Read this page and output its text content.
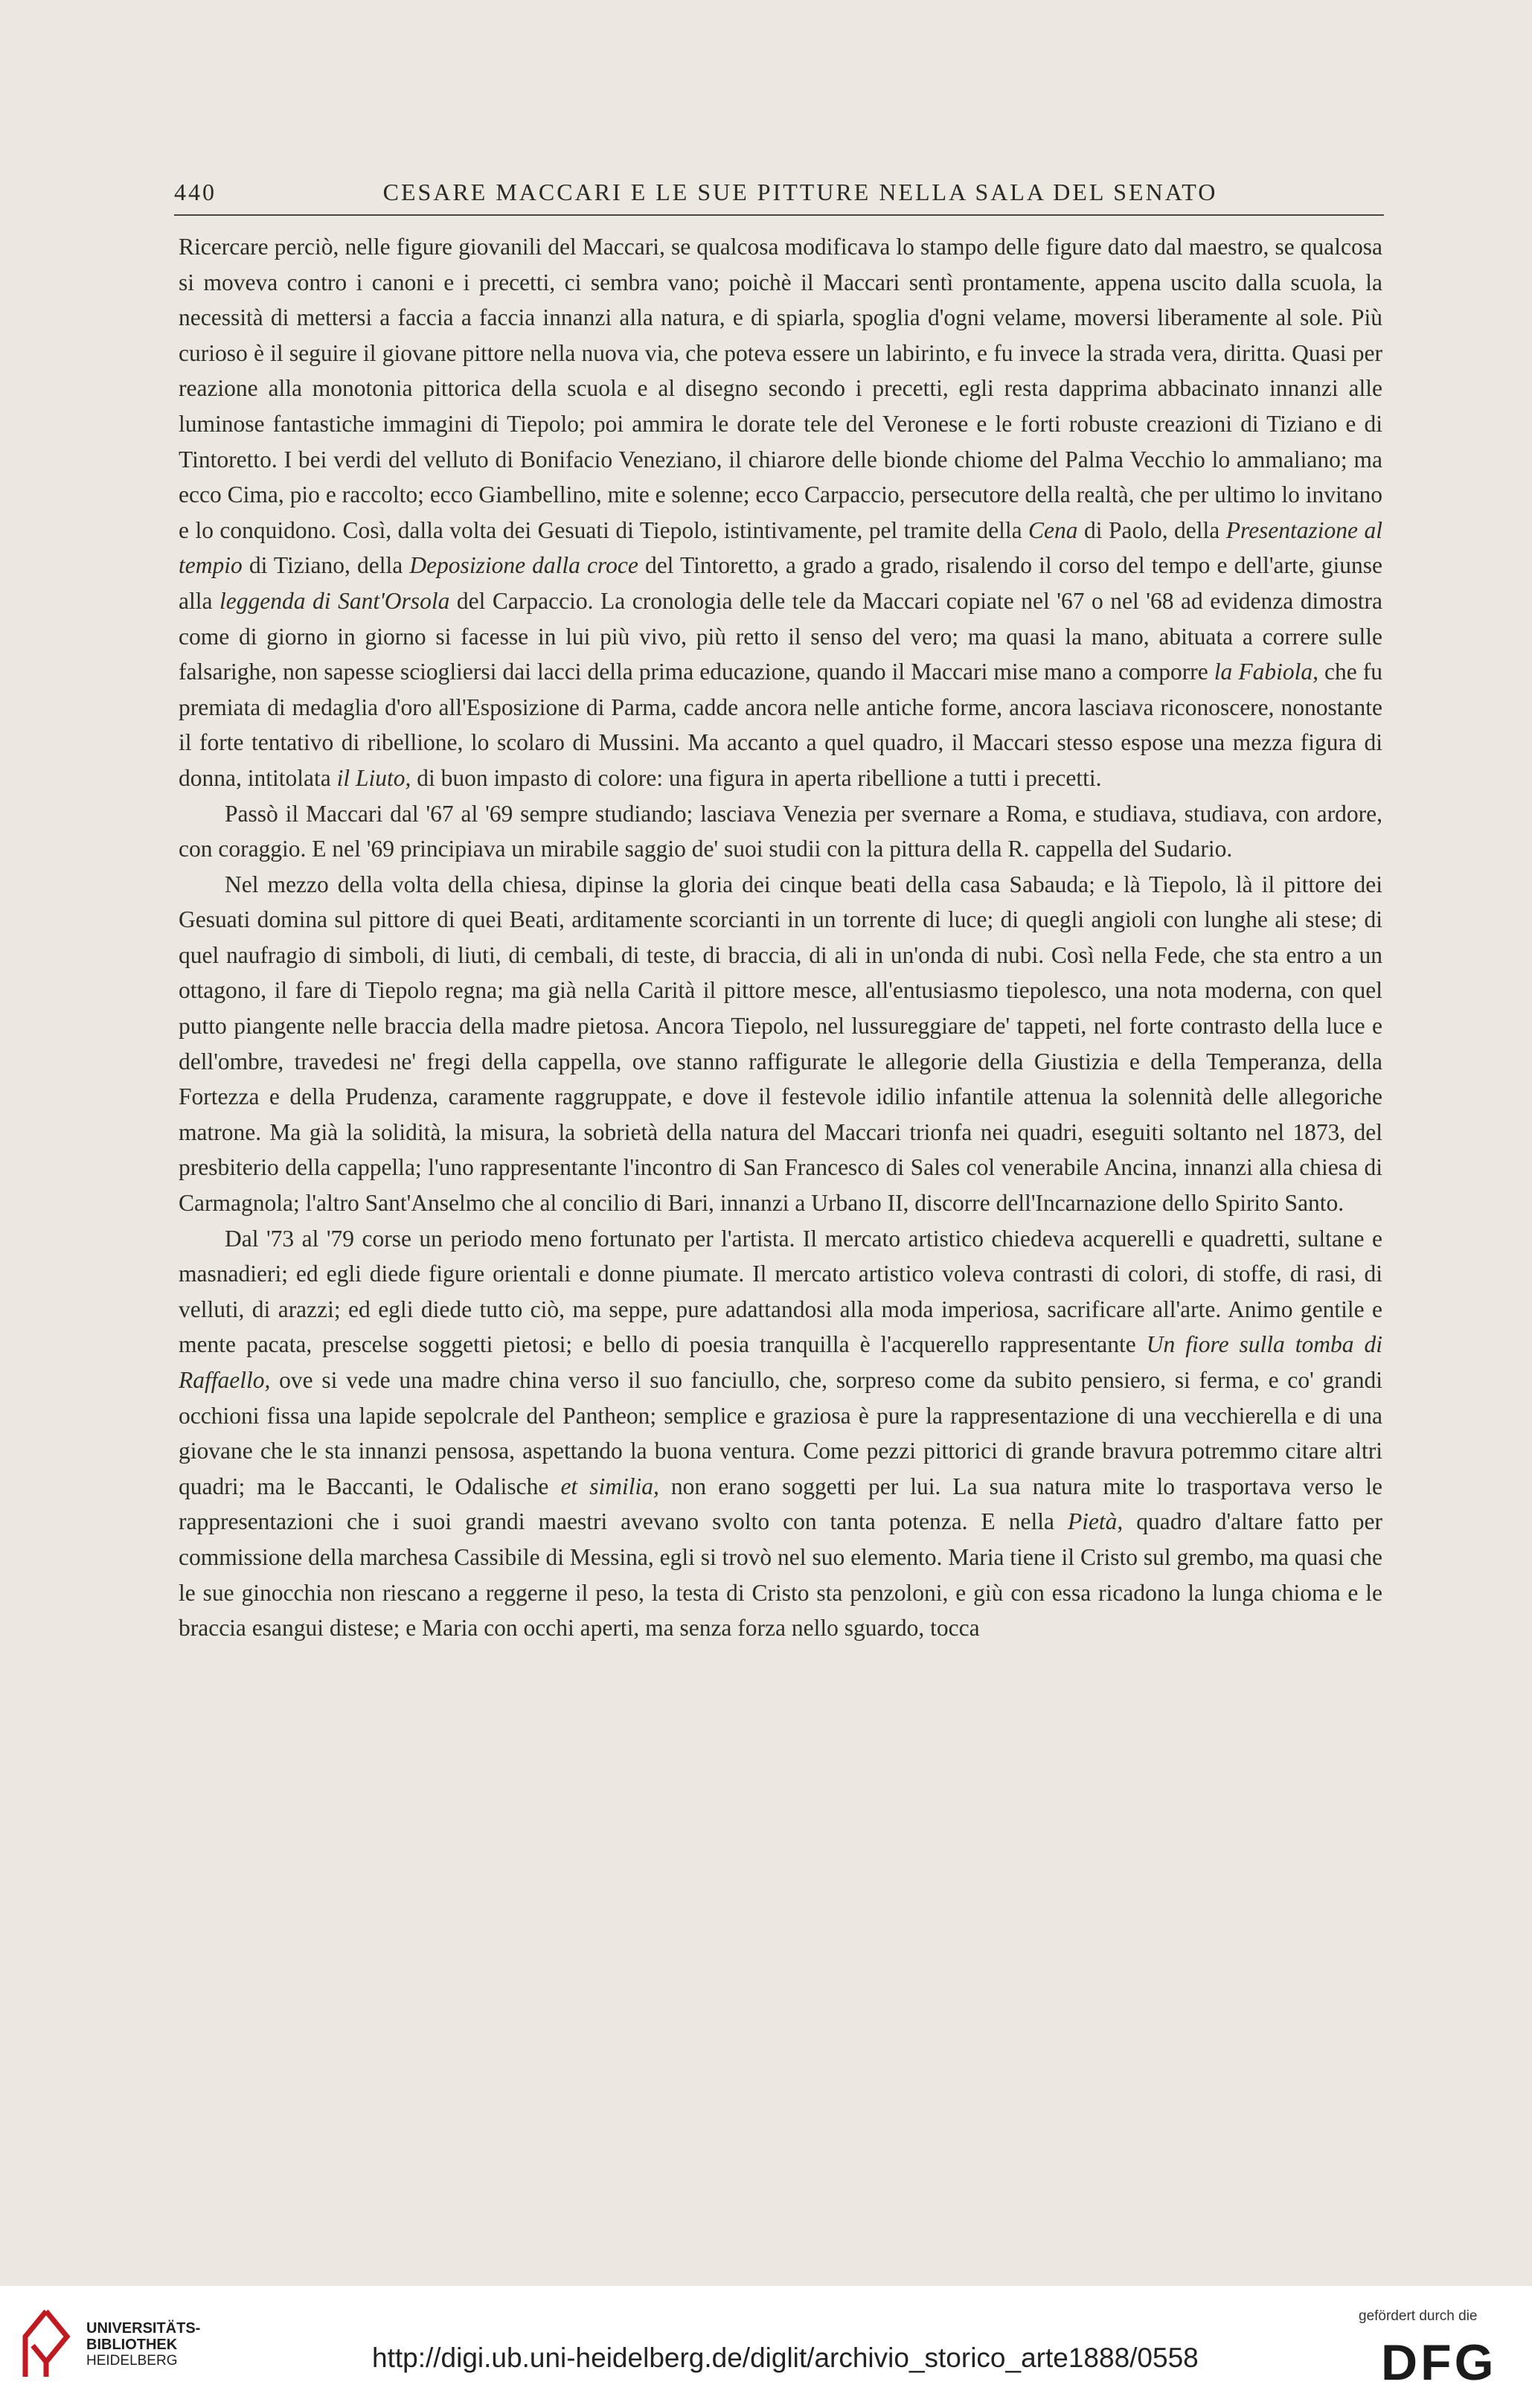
440	CESARE MACCARI E LE SUE PITTURE NELLA SALA DEL SENATO

Ricercare perciò, nelle figure giovanili del Maccari, se qualcosa modificava lo stampo delle figure dato dal maestro, se qualcosa si moveva contro i canoni e i precetti, ci sembra vano; poichè il Maccari sentì prontamente, appena uscito dalla scuola, la necessità di mettersi a faccia a faccia innanzi alla natura, e di spiarla, spoglia d'ogni velame, moversi liberamente al sole. Più curioso è il seguire il giovane pittore nella nuova via, che poteva essere un labirinto, e fu invece la strada vera, diritta. Quasi per reazione alla monotonia pittorica della scuola e al disegno secondo i precetti, egli resta dapprima abbacinato innanzi alle luminose fantastiche immagini di Tiepolo; poi ammira le dorate tele del Veronese e le forti robuste creazioni di Tiziano e di Tintoretto. I bei verdi del velluto di Bonifacio Veneziano, il chiarore delle bionde chiome del Palma Vecchio lo ammaliano; ma ecco Cima, pio e raccolto; ecco Giambellino, mite e solenne; ecco Carpaccio, persecutore della realtà, che per ultimo lo invitano e lo conquidono. Così, dalla volta dei Gesuati di Tiepolo, istintivamente, pel tramite della Cena di Paolo, della Presentazione al tempio di Tiziano, della Deposizione dalla croce del Tintoretto, a grado a grado, risalendo il corso del tempo e dell'arte, giunse alla leggenda di Sant'Orsola del Carpaccio. La cronologia delle tele da Maccari copiate nel '67 o nel '68 ad evidenza dimostra come di giorno in giorno si facesse in lui più vivo, più retto il senso del vero; ma quasi la mano, abituata a correre sulle falsarighe, non sapesse sciogliersi dai lacci della prima educazione, quando il Maccari mise mano a comporre la Fabiola, che fu premiata di medaglia d'oro all'Esposizione di Parma, cadde ancora nelle antiche forme, ancora lasciava riconoscere, nonostante il forte tentativo di ribellione, lo scolaro di Mussini. Ma accanto a quel quadro, il Maccari stesso espose una mezza figura di donna, intitolata il Liuto, di buon impasto di colore: una figura in aperta ribellione a tutti i precetti.

Passò il Maccari dal '67 al '69 sempre studiando; lasciava Venezia per svernare a Roma, e studiava, studiava, con ardore, con coraggio. E nel '69 principiava un mirabile saggio de' suoi studii con la pittura della R. cappella del Sudario.

Nel mezzo della volta della chiesa, dipinse la gloria dei cinque beati della casa Sabauda; e là Tiepolo, là il pittore dei Gesuati domina sul pittore di quei Beati, arditamente scorcianti in un torrente di luce; di quegli angioli con lunghe ali stese; di quel naufragio di simboli, di liuti, di cembali, di teste, di braccia, di ali in un'onda di nubi. Così nella Fede, che sta entro a un ottagono, il fare di Tiepolo regna; ma già nella Carità il pittore mesce, all'entusiasmo tiepolesco, una nota moderna, con quel putto piangente nelle braccia della madre pietosa. Ancora Tiepolo, nel lussureggiare de' tappeti, nel forte contrasto della luce e dell'ombre, travedesi ne' fregi della cappella, ove stanno raffigurate le allegorie della Giustizia e della Temperanza, della Fortezza e della Prudenza, caramente raggruppate, e dove il festevole idilio infantile attenua la solennità delle allegoriche matrone. Ma già la solidità, la misura, la sobrietà della natura del Maccari trionfa nei quadri, eseguiti soltanto nel 1873, del presbiterio della cappella; l'uno rappresentante l'incontro di San Francesco di Sales col venerabile Ancina, innanzi alla chiesa di Carmagnola; l'altro Sant'Anselmo che al concilio di Bari, innanzi a Urbano II, discorre dell'Incarnazione dello Spirito Santo.

Dal '73 al '79 corse un periodo meno fortunato per l'artista. Il mercato artistico chiedeva acquerelli e quadretti, sultane e masnadieri; ed egli diede figure orientali e donne piumate. Il mercato artistico voleva contrasti di colori, di stoffe, di rasi, di velluti, di arazzi; ed egli diede tutto ciò, ma seppe, pure adattandosi alla moda imperiosa, sacrificare all'arte. Animo gentile e mente pacata, prescelse soggetti pietosi; e bello di poesia tranquilla è l'acquerello rappresentante Un fiore sulla tomba di Raffaello, ove si vede una madre china verso il suo fanciullo, che, sorpreso come da subito pensiero, si ferma, e co' grandi occhioni fissa una lapide sepolcrale del Pantheon; semplice e graziosa è pure la rappresentazione di una vecchierella e di una giovane che le sta innanzi pensosa, aspettando la buona ventura. Come pezzi pittorici di grande bravura potremmo citare altri quadri; ma le Baccanti, le Odalische et similia, non erano soggetti per lui. La sua natura mite lo trasportava verso le rappresentazioni che i suoi grandi maestri avevano svolto con tanta potenza. E nella Pietà, quadro d'altare fatto per commissione della marchesa Cassibile di Messina, egli si trovò nel suo elemento. Maria tiene il Cristo sul grembo, ma quasi che le sue ginocchia non riescano a reggerne il peso, la testa di Cristo sta penzoloni, e giù con essa ricadono la lunga chioma e le braccia esangui distese; e Maria con occhi aperti, ma senza forza nello sguardo, tocca

UNIVERSITÄTS-
BIBLIOTHEK
HEIDELBERG	http://digi.ub.uni-heidelberg.de/diglit/archivio_storico_arte1888/0558
gefördert durch die
DFG
